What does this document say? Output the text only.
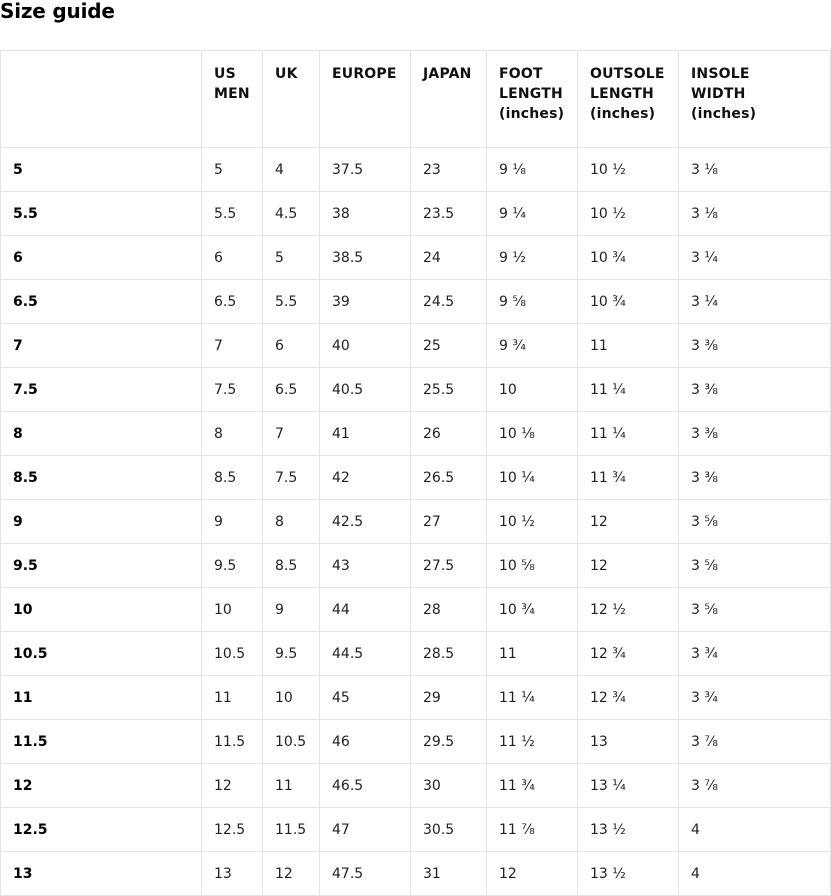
Size guide

	US
MEN	UK	EUROPE	JAPAN	FOOT
LENGTH
(inches)	OUTSOLE
LENGTH
(inches)	INSOLE
WIDTH
(inches)

5	5	4	37.5	23	9 ⅛	10 ½	3 ⅛
5.5	5.5	4.5	38	23.5	9 ¼	10 ½	3 ⅛
6	6	5	38.5	24	9 ½	10 ¾	3 ¼
6.5	6.5	5.5	39	24.5	9 ⅝	10 ¾	3 ¼
7	7	6	40	25	9 ¾	11	3 ⅜
7.5	7.5	6.5	40.5	25.5	10	11 ¼	3 ⅜
8	8	7	41	26	10 ⅛	11 ¼	3 ⅜
8.5	8.5	7.5	42	26.5	10 ¼	11 ¾	3 ⅜
9	9	8	42.5	27	10 ½	12	3 ⅝
9.5	9.5	8.5	43	27.5	10 ⅝	12	3 ⅝
10	10	9	44	28	10 ¾	12 ½	3 ⅝
10.5	10.5	9.5	44.5	28.5	11	12 ¾	3 ¾
11	11	10	45	29	11 ¼	12 ¾	3 ¾
11.5	11.5	10.5	46	29.5	11 ½	13	3 ⅞
12	12	11	46.5	30	11 ¾	13 ¼	3 ⅞
12.5	12.5	11.5	47	30.5	11 ⅞	13 ½	4
13	13	12	47.5	31	12	13 ½	4
